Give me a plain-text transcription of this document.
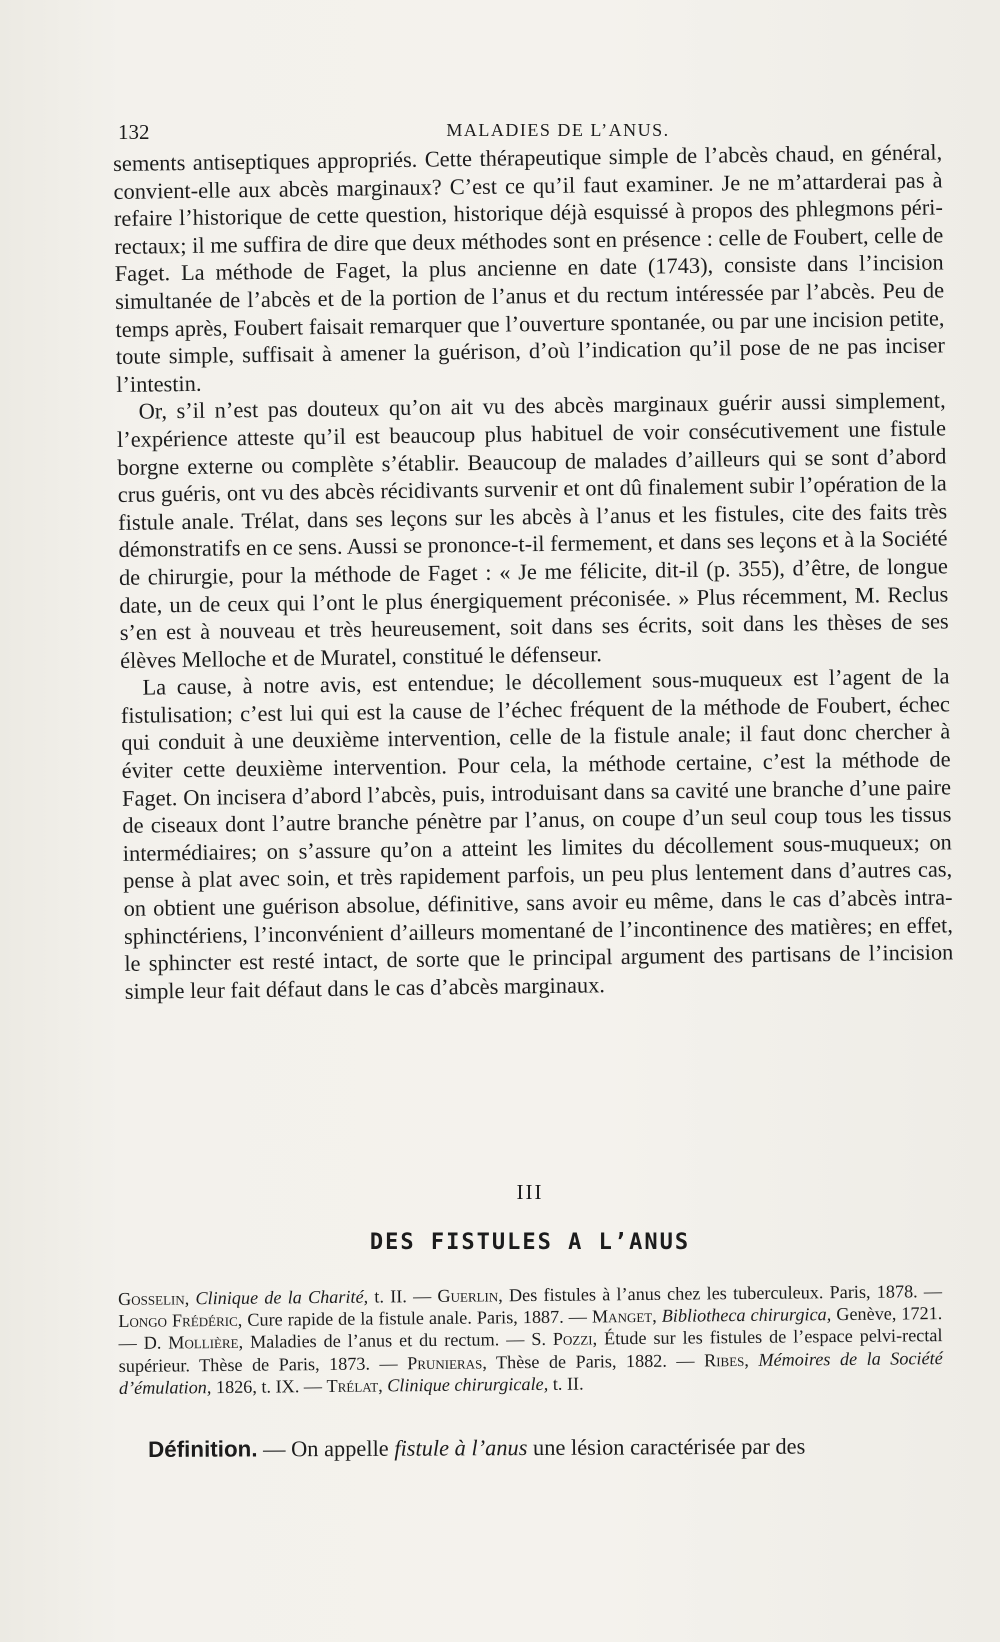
132	MALADIES DE L’ANUS.

sements antiseptiques appropriés. Cette thérapeutique simple de l’abcès chaud, en général, convient-elle aux abcès marginaux? C’est ce qu’il faut examiner. Je ne m’attarderai pas à refaire l’historique de cette question, historique déjà esquissé à propos des phlegmons péri-rectaux; il me suffira de dire que deux méthodes sont en présence : celle de Foubert, celle de Faget. La méthode de Faget, la plus ancienne en date (1743), consiste dans l’incision simultanée de l’abcès et de la portion de l’anus et du rectum intéressée par l’abcès. Peu de temps après, Foubert faisait remarquer que l’ouverture spontanée, ou par une incision petite, toute simple, suffisait à amener la guérison, d’où l’indication qu’il pose de ne pas inciser l’intestin.

Or, s’il n’est pas douteux qu’on ait vu des abcès marginaux guérir aussi simplement, l’expérience atteste qu’il est beaucoup plus habituel de voir consécutivement une fistule borgne externe ou complète s’établir. Beaucoup de malades d’ailleurs qui se sont d’abord crus guéris, ont vu des abcès récidivants survenir et ont dû finalement subir l’opération de la fistule anale. Trélat, dans ses leçons sur les abcès à l’anus et les fistules, cite des faits très démonstratifs en ce sens. Aussi se prononce-t-il fermement, et dans ses leçons et à la Société de chirurgie, pour la méthode de Faget : « Je me félicite, dit-il (p. 355), d’être, de longue date, un de ceux qui l’ont le plus énergiquement préconisée. » Plus récemment, M. Reclus s’en est à nouveau et très heureusement, soit dans ses écrits, soit dans les thèses de ses élèves Melloche et de Muratel, constitué le défenseur.

La cause, à notre avis, est entendue; le décollement sous-muqueux est l’agent de la fistulisation; c’est lui qui est la cause de l’échec fréquent de la méthode de Foubert, échec qui conduit à une deuxième intervention, celle de la fistule anale; il faut donc chercher à éviter cette deuxième intervention. Pour cela, la méthode certaine, c’est la méthode de Faget. On incisera d’abord l’abcès, puis, introduisant dans sa cavité une branche d’une paire de ciseaux dont l’autre branche pénètre par l’anus, on coupe d’un seul coup tous les tissus intermédiaires; on s’assure qu’on a atteint les limites du décollement sous-muqueux; on pense à plat avec soin, et très rapidement parfois, un peu plus lentement dans d’autres cas, on obtient une guérison absolue, définitive, sans avoir eu même, dans le cas d’abcès intra-sphinctériens, l’inconvénient d’ailleurs momentané de l’incontinence des matières; en effet, le sphincter est resté intact, de sorte que le principal argument des partisans de l’incision simple leur fait défaut dans le cas d’abcès marginaux.

III
DES FISTULES A L’ANUS
Gosselin, Clinique de la Charité, t. II. — Guerlin, Des fistules à l’anus chez les tuberculeux. Paris, 1878. — Longo Frédéric, Cure rapide de la fistule anale. Paris, 1887. — Manget, Bibliotheca chirurgica, Genève, 1721. — D. Mollière, Maladies de l’anus et du rectum. — S. Pozzi, Étude sur les fistules de l’espace pelvi-rectal supérieur. Thèse de Paris, 1873. — Prunieras, Thèse de Paris, 1882. — Ribes, Mémoires de la Société d’émulation, 1826, t. IX. — Trélat, Clinique chirurgicale, t. II.
Définition. — On appelle fistule à l’anus une lésion caractérisée par des
